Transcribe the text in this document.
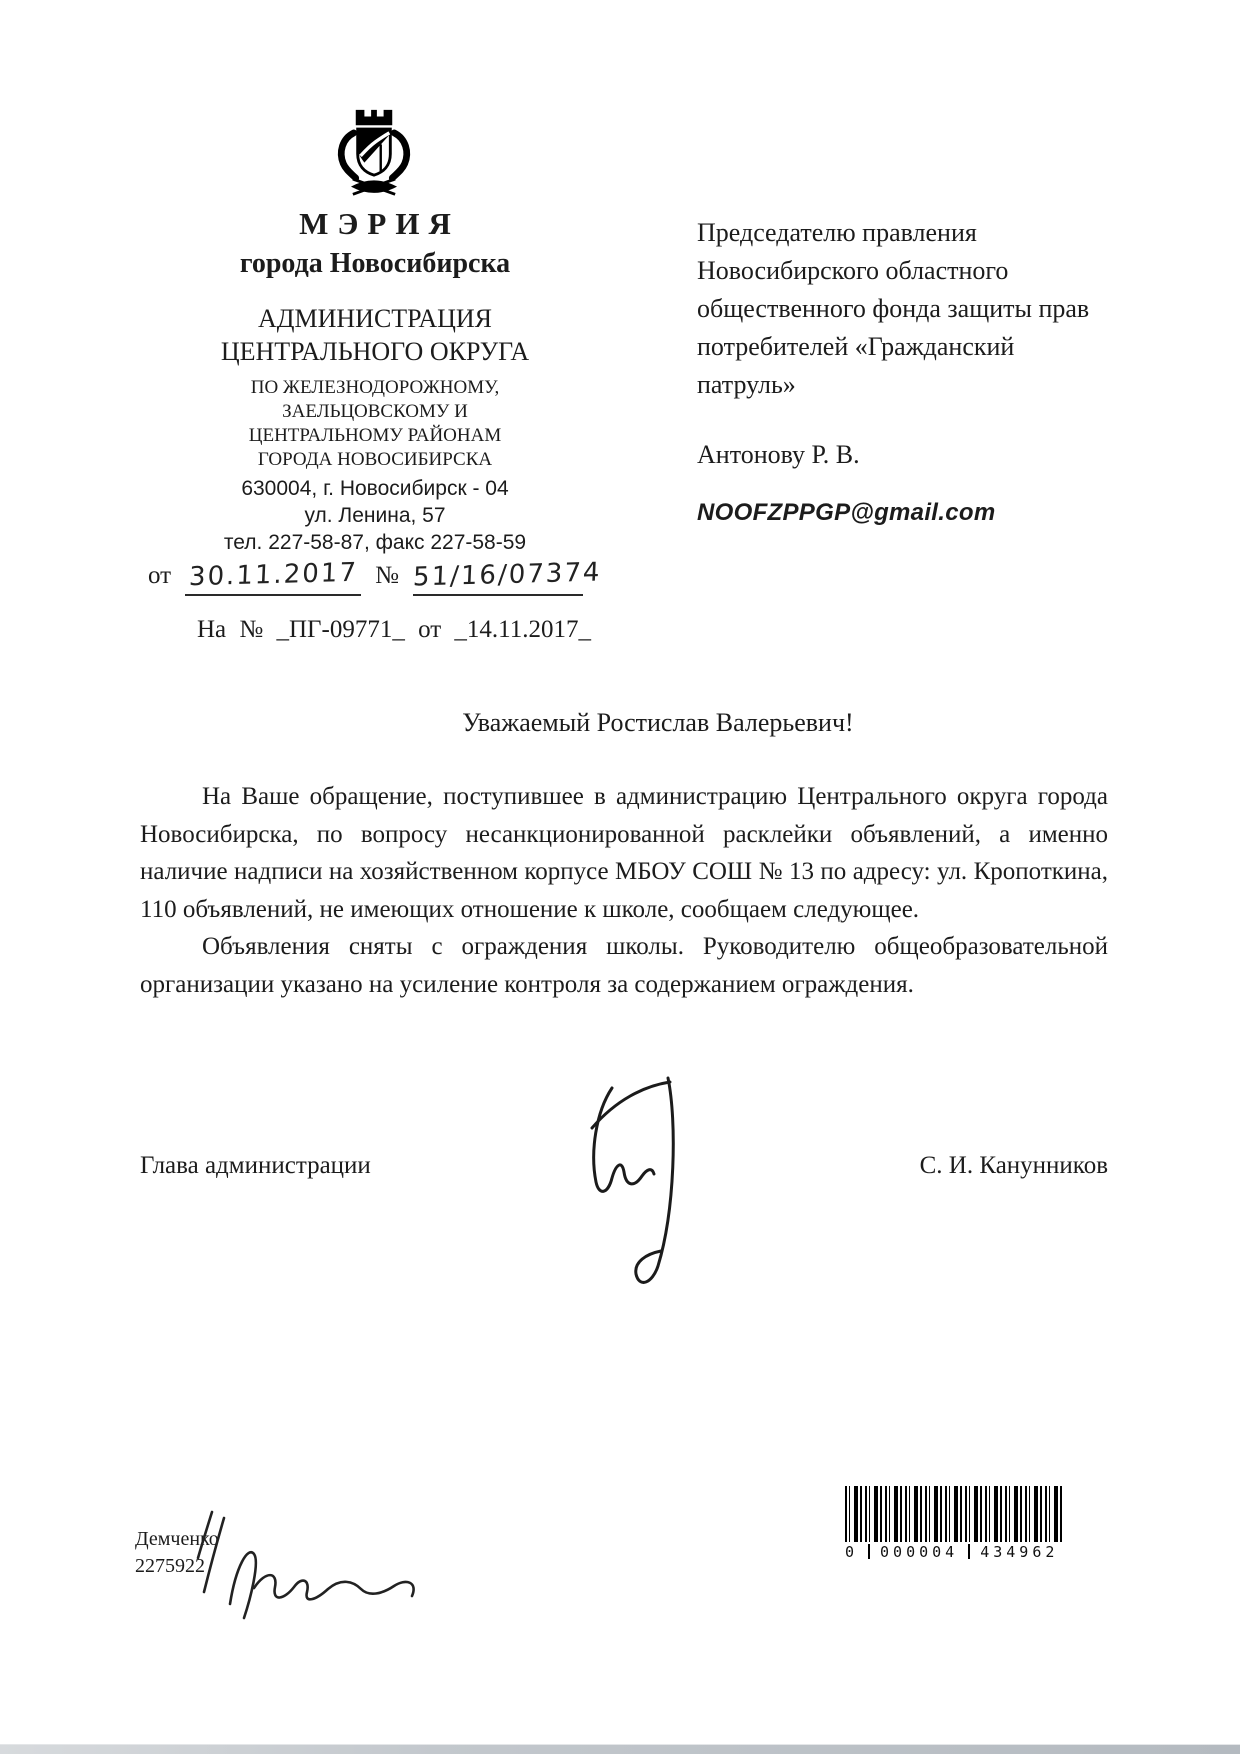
МЭРИЯ
города Новосибирска
АДМИНИСТРАЦИЯ
ЦЕНТРАЛЬНОГО ОКРУГА
ПО ЖЕЛЕЗНОДОРОЖНОМУ,
ЗАЕЛЬЦОВСКОМУ И
ЦЕНТРАЛЬНОМУ РАЙОНАМ
ГОРОДА НОВОСИБИРСКА
630004, г. Новосибирск - 04
ул. Ленина, 57
тел. 227-58-87, факс 227-58-59
Председателю правления
Новосибирского областного
общественного фонда защиты прав
потребителей «Гражданский
патруль»
Антонову Р. В.
NOOFZPPGP@gmail.com
от 30.11.2017 № 51/16/07374
На № _ПГ-09771_ от _14.11.2017_
Уважаемый Ростислав Валерьевич!

На Ваше обращение, поступившее в администрацию Центрального округа города Новосибирска, по вопросу несанкционированной расклейки объявлений, а именно наличие надписи на хозяйственном корпусе МБОУ СОШ № 13 по адресу: ул. Кропоткина, 110 объявлений, не имеющих отношение к школе, сообщаем следующее.

Объявления сняты с ограждения школы. Руководителю общеобразовательной организации указано на усиление контроля за содержанием ограждения.

Глава администрации	С. И. Канунников
Демченко
2275922
0 000004 434962
